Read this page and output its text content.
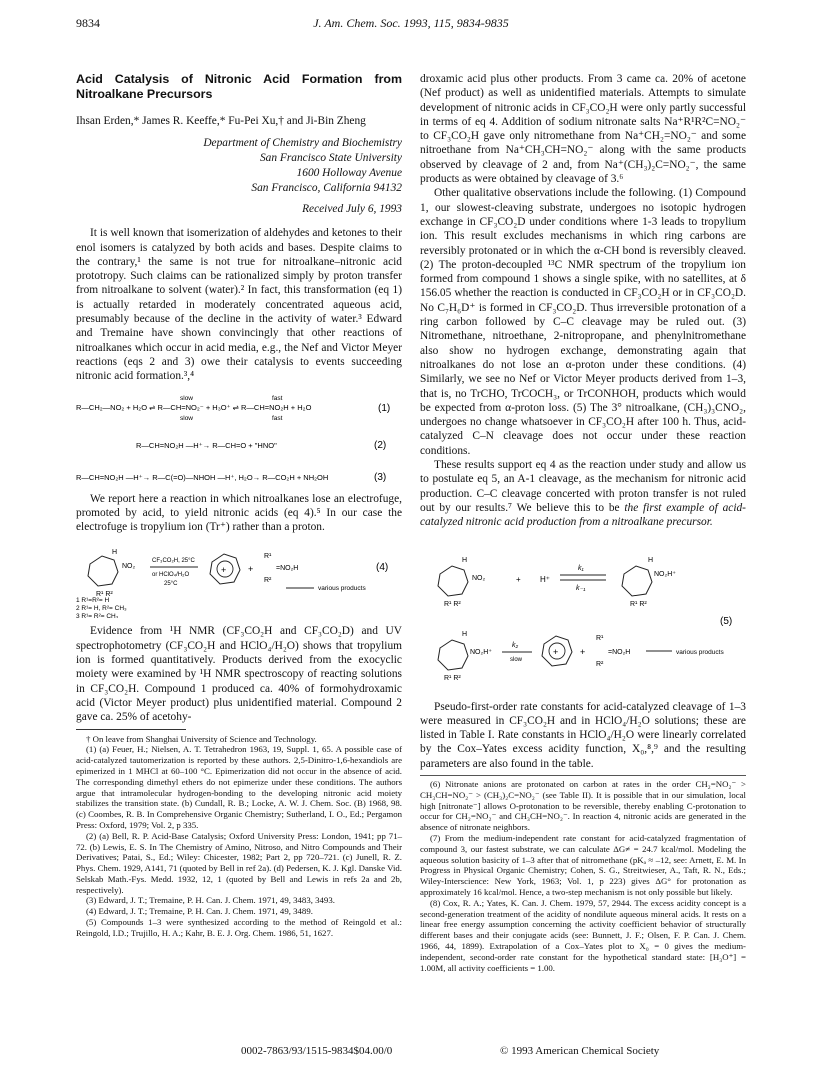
9834	J. Am. Chem. Soc. 1993, 115, 9834-9835
Acid Catalysis of Nitronic Acid Formation from Nitroalkane Precursors
Ihsan Erden,* James R. Keeffe,* Fu-Pei Xu,† and Ji-Bin Zheng
Department of Chemistry and Biochemistry
San Francisco State University
1600 Holloway Avenue
San Francisco, California 94132
Received July 6, 1993

It is well known that isomerization of aldehydes and ketones to their enol isomers is catalyzed by both acids and bases. Despite claims to the contrary,¹ the same is not true for nitroalkane–nitronic acid prototropy. Such claims can be rationalized simply by proton transfer from nitroalkane to solvent (water).² In fact, this transformation (eq 1) is actually retarded in moderately concentrated aqueous acid, presumably because of the decline in the activity of water.³ Edward and Tremaine have shown convincingly that other reactions of nitroalkanes which occur in acid media, e.g., the Nef and Victor Meyer reactions (eqs 2 and 3) owe their catalysis to events succeeding nitronic acid formation.³,⁴

R—CH₂—NO₂ + H₂O ⇌ R—CH=NO₂⁻ + H₃O⁺ ⇌ R—CH=NO₂H + H₂O
slow
slow
fast
fast
(1)
R—CH=NO₂H —H⁺→ R—CH=O + "HNO"	(2)
R—CH=NO₂H —H⁺→ R—C(=O)—NHOH —H⁺, H₂O→ R—CO₂H + NH₂OH	(3)

We report here a reaction in which nitroalkanes lose an electrofuge, promoted by acid, to yield nitronic acids (eq 4).⁵ In our case the electrofuge is tropylium ion (Tr⁺) rather than a proton.

H
NO₂
R¹ R²
CF₃CO₂H, 25°C
or HClO₄/H₂O
25°C
+ +
R¹
R²
=NO₂H	(4)
various products
1 R¹=R²= H
2 R¹= H, R²= CH₃
3 R¹= R²= CH₃

Evidence from ¹H NMR (CF₃CO₂H and CF₃CO₂D) and UV spectrophotometry (CF₃CO₂H and HClO₄/H₂O) shows that tropylium ion is formed quantitatively. Products derived from the exocyclic moiety were examined by ¹H NMR spectroscopy of reacting solutions in CF₃CO₂H. Compound 1 produced ca. 40% of formohydroxamic acid (Victor Meyer product) plus unidentified material. Compound 2 gave ca. 25% of acetohy-

† On leave from Shanghai University of Science and Technology.

(1) (a) Feuer, H.; Nielsen, A. T. Tetrahedron 1963, 19, Suppl. 1, 65. A possible case of acid-catalyzed tautomerization is reported by these authors. 2,5-Dinitro-1,6-hexandiols are epimerized in 1 MHCl at 60–100 °C. Epimerization did not occur in the absence of acid. The corresponding dimethyl ethers do not epimerize under these conditions. The authors argue that intramolecular hydrogen-bonding to the developing nitronic acid moiety stabilizes the transition state. (b) Cundall, R. B.; Locke, A. W. J. Chem. Soc. (B) 1968, 98. (c) Coombes, R. B. In Comprehensive Organic Chemistry; Sutherland, I. O., Ed.; Pergamon Press: Oxford, 1979; Vol. 2, p 335.

(2) (a) Bell, R. P. Acid-Base Catalysis; Oxford University Press: London, 1941; pp 71–72. (b) Lewis, E. S. In The Chemistry of Amino, Nitroso, and Nitro Compounds and Their Derivatives; Patai, S., Ed.; Wiley: Chicester, 1982; Part 2, pp 720–721. (c) Junell, R. Z. Phys. Chem. 1929, A141, 71 (quoted by Bell in ref 2a). (d) Pedersen, K. J. Kgl. Danske Vid. Selskab Math.-Fys. Medd. 1932, 12, 1 (quoted by Bell and Lewis in refs 2a and 2b, respectively).

(3) Edward, J. T.; Tremaine, P. H. Can. J. Chem. 1971, 49, 3483, 3493.

(4) Edward, J. T.; Tremaine, P. H. Can. J. Chem. 1971, 49, 3489.

(5) Compounds 1–3 were synthesized according to the method of Reingold et al.: Reingold, I.D.; Trujillo, H. A.; Kahr, B. E. J. Org. Chem. 1986, 51, 1627.

droxamic acid plus other products. From 3 came ca. 20% of acetone (Nef product) as well as unidentified materials. Attempts to simulate development of nitronic acids in CF₃CO₂H were only partly successful in terms of eq 4. Addition of sodium nitronate salts Na⁺R¹R²C=NO₂⁻ to CF₃CO₂H gave only nitromethane from Na⁺CH₂=NO₂⁻ and some nitroethane from Na⁺CH₃CH=NO₂⁻ along with the same products observed by cleavage of 2 and, from Na⁺(CH₃)₂C=NO₂⁻, the same products as were obtained by cleavage of 3.⁶

Other qualitative observations include the following. (1) Compound 1, our slowest-cleaving substrate, undergoes no isotopic hydrogen exchange in CF₃CO₂D under conditions where 1-3 leads to tropylium ion. This result excludes mechanisms in which ring carbons are reversibly protonated or in which the α-CH bond is reversibly cleaved. (2) The proton-decoupled ¹³C NMR spectrum of the tropylium ion formed from compound 1 shows a single spike, with no satellites, at δ 156.05 whether the reaction is conducted in CF₃CO₂H or in CF₃CO₂D. No C₇H₆D⁺ is formed in CF₃CO₂D. Thus irreversible protonation of a ring carbon followed by C–C cleavage may be ruled out. (3) Nitromethane, nitroethane, 2-nitropropane, and phenylnitromethane also show no hydrogen exchange, demonstrating again that nitroalkanes do not lose an α-proton under these conditions. (4) Similarly, we see no Nef or Victor Meyer products derived from 1–3, that is, no TrCHO, TrCOCH₃, or TrCONHOH, products which would be expected from α-proton loss. (5) The 3° nitroalkane, (CH₃)₃CNO₂, undergoes no change whatsoever in CF₃CO₂H after 100 h. Thus, acid-catalyzed C–N cleavage does not occur under these reaction conditions.

These results support eq 4 as the reaction under study and allow us to postulate eq 5, an A-1 cleavage, as the mechanism for nitronic acid production. C–C cleavage concerted with proton transfer is not ruled out by our results.⁷ We believe this to be the first example of acid-catalyzed nitronic acid production from a nitroalkane precursor.

H
NO₂
R¹ R²
+ H⁺
k₁
k₋₁
H
NO₂H⁺
R¹ R²
(5)
H
NO₂H⁺
R¹ R²
k₂
slow
+ +
R¹
R²
=NO₂H	various products

Pseudo-first-order rate constants for acid-catalyzed cleavage of 1–3 were measured in CF₃CO₂H and in HClO₄/H₂O solutions; these are listed in Table I. Rate constants in HClO₄/H₂O were linearly correlated by the Cox–Yates excess acidity function, X₀,⁸,⁹ and the resulting parameters are also found in the table.

(6) Nitronate anions are protonated on carbon at rates in the order CH₂=NO₂⁻ > CH₃CH=NO₂⁻ > (CH₃)₂C=NO₂⁻ (see Table II). It is possible that in our simulation, local high [nitronate⁻] allows O-protonation to be reversible, thereby enabling C-protonation to occur for CH₂=NO₂⁻ and CH₃CH=NO₂⁻. In reaction 4, nitronic acids are generated in the absence of nitronate neighbors.

(7) From the medium-independent rate constant for acid-catalyzed fragmentation of compound 3, our fastest substrate, we can calculate ΔG≠ = 24.7 kcal/mol. Modeling the aqueous solution basicity of 1–3 after that of nitromethane (pKₐ ≈ –12, see: Arnett, E. M. In Progress in Physical Organic Chemistry; Cohen, S. G., Streitwieser, A., Taft, R. N., Eds.; Wiley-Interscience: New York, 1963; Vol. 1, p 223) gives ΔG° for protonation as approximately 16 kcal/mol. Hence, a two-step mechanism is not only possible but likely.

(8) Cox, R. A.; Yates, K. Can. J. Chem. 1979, 57, 2944. The excess acidity concept is a second-generation treatment of the acidity of nondilute aqueous mineral acids. It rests on a linear free energy assumption concerning the activity coefficient behavior of structurally different bases and their conjugate acids (see: Bunnett, J. F.; Olsen, F. P. Can. J. Chem. 1966, 44, 1899). Extrapolation of a Cox–Yates plot to X₀ = 0 gives the medium-independent, second-order rate constant for the hypothetical standard state: [H₃O⁺] = 1.00M, all activity coefficients = 1.00.

0002-7863/93/1515-9834$04.00/0	© 1993 American Chemical Society
